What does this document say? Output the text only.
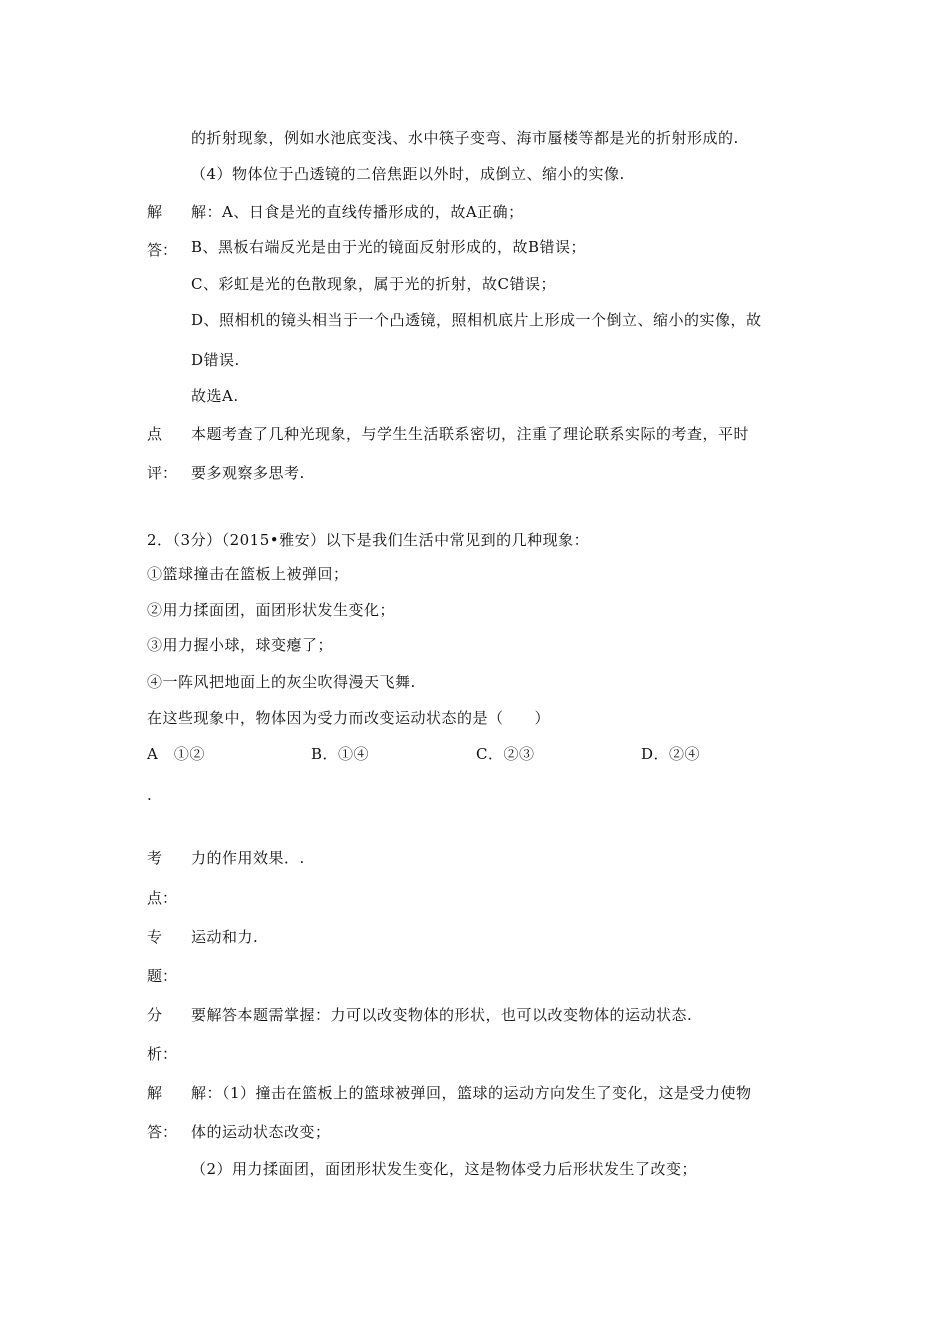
的折射现象，例如水池底变浅、水中筷子变弯、海市蜃楼等都是光的折射形成的.
（4）物体位于凸透镜的二倍焦距以外时，成倒立、缩小的实像.
解
答：
解：A、日食是光的直线传播形成的，故A正确；
B、黑板右端反光是由于光的镜面反射形成的，故B错误；
C、彩虹是光的色散现象，属于光的折射，故C错误；
D、照相机的镜头相当于一个凸透镜，照相机底片上形成一个倒立、缩小的实像，故
D错误.
故选A.
点
评：
本题考查了几种光现象，与学生生活联系密切，注重了理论联系实际的考查，平时
要多观察多思考.
2．（3分）（2015•雅安）以下是我们生活中常见到的几种现象：
①篮球撞击在篮板上被弹回；
②用力揉面团，面团形状发生变化；
③用力握小球，球变瘪了；
④一阵风把地面上的灰尘吹得漫天飞舞.
在这些现象中，物体因为受力而改变运动状态的是（　　）
A　①②	B．①④	C．②③	D．②④
.
考
点：
力的作用效果．.
专
题：
运动和力.
分
析：
要解答本题需掌握：力可以改变物体的形状，也可以改变物体的运动状态.
解
答：
解：（1）撞击在篮板上的篮球被弹回，篮球的运动方向发生了变化，这是受力使物
体的运动状态改变；
（2）用力揉面团，面团形状发生变化，这是物体受力后形状发生了改变；
